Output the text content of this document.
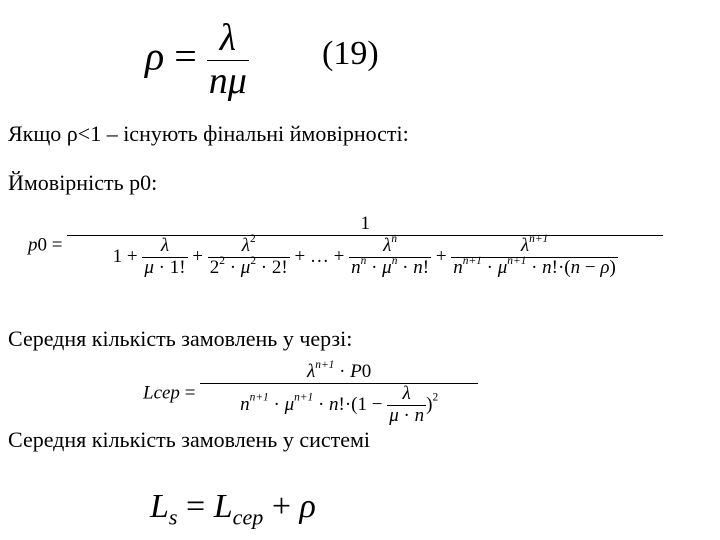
$\rho = \frac{\lambda}{n\mu} (19)$
Якщо ρ<1 – існують фінальні ймовірності:
Ймовірність p0:
p0 =
1
$1 + \frac{\lambda}{\mu \cdot 1!} + \frac{\lambda^2}{2^2 \cdot \mu^2 \cdot 2!}$ + … + $\frac{\lambda^n}{n^n \cdot \mu^n \cdot n!} + \frac{\lambda^{n+1}}{n^{n+1} \cdot \mu^{n+1} \cdot n!\cdot(n - \rho)}$
Середня кількість замовлень у черзі:
Lcep = $\frac{\lambda^{n+1} \cdot P0}{n^{n+1} \cdot \mu^{n+1} \cdot n!\cdot(1 - \frac{\lambda}{\mu \cdot n} )^2}$
Середня кількість замовлень у системі
$L_s = L_{cep} + \rho$
